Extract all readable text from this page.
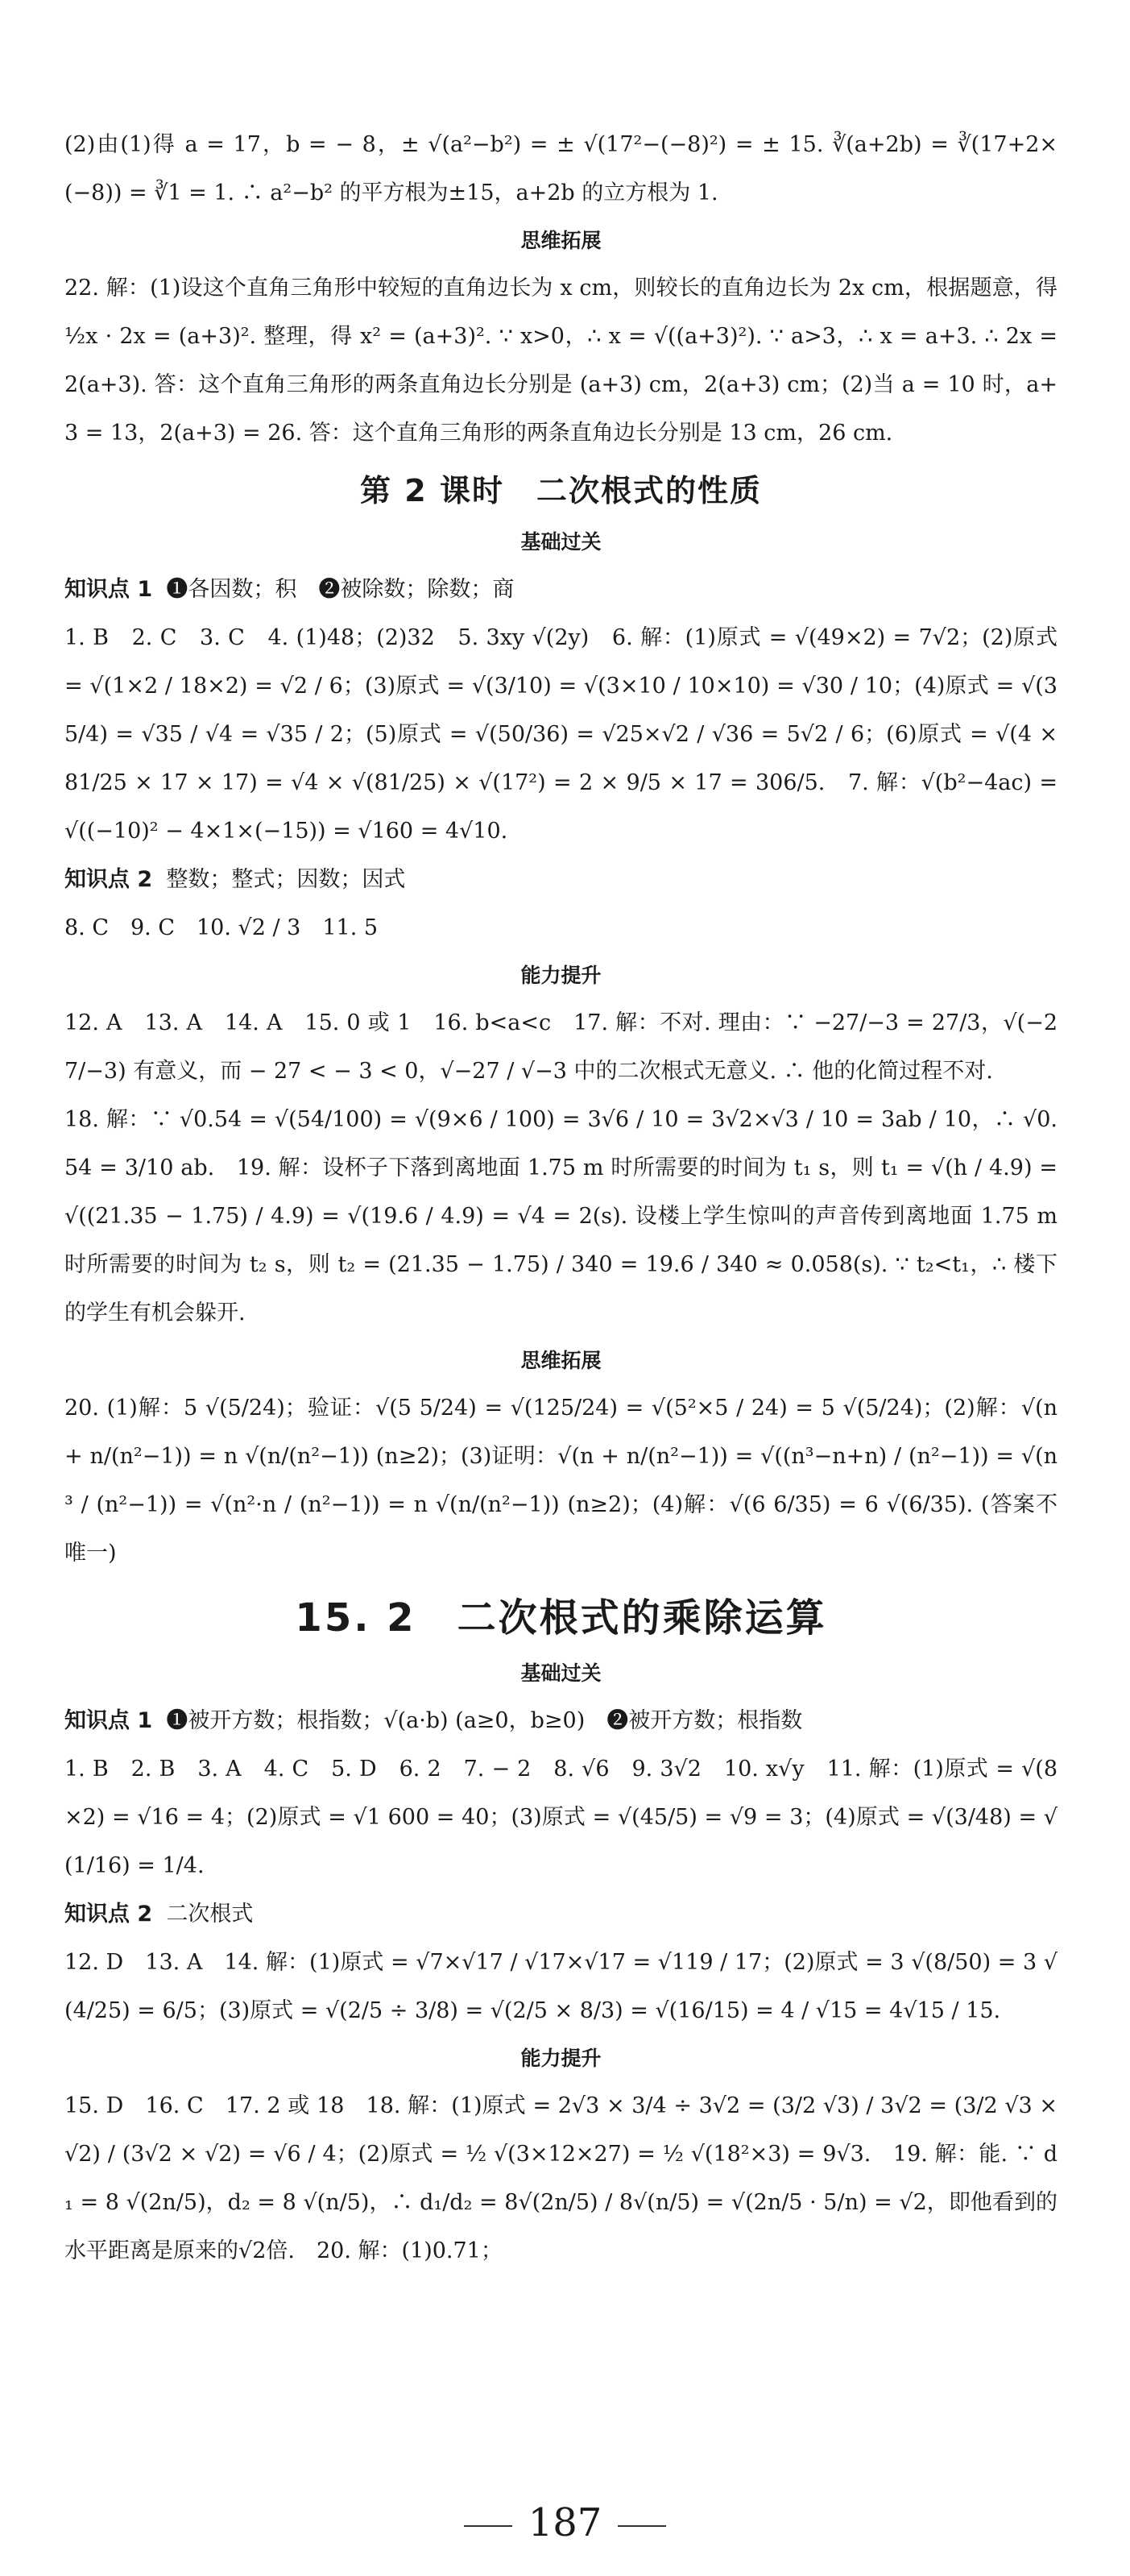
(2)由(1)得 a = 17，b = − 8，± √(a²−b²) = ± √(17²−(−8)²) = ± 15. ∛(a+2b) = ∛(17+2×(−8)) = ∛1 = 1. ∴ a²−b² 的平方根为±15，a+2b 的立方根为 1.

思维拓展

22. 解：(1)设这个直角三角形中较短的直角边长为 x cm，则较长的直角边长为 2x cm，根据题意，得 ½x · 2x = (a+3)². 整理，得 x² = (a+3)². ∵ x>0，∴ x = √((a+3)²). ∵ a>3，∴ x = a+3. ∴ 2x = 2(a+3). 答：这个直角三角形的两条直角边长分别是 (a+3) cm，2(a+3) cm；(2)当 a = 10 时，a+3 = 13，2(a+3) = 26. 答：这个直角三角形的两条直角边长分别是 13 cm，26 cm.

第 2 课时　二次根式的性质
基础过关

知识点 1 ❶各因数；积　❷被除数；除数；商

1. B　2. C　3. C　4. (1)48；(2)32　5. 3xy √(2y)　6. 解：(1)原式 = √(49×2) = 7√2；(2)原式 = √(1×2 / 18×2) = √2 / 6；(3)原式 = √(3/10) = √(3×10 / 10×10) = √30 / 10；(4)原式 = √(35/4) = √35 / √4 = √35 / 2；(5)原式 = √(50/36) = √25×√2 / √36 = 5√2 / 6；(6)原式 = √(4 × 81/25 × 17 × 17) = √4 × √(81/25) × √(17²) = 2 × 9/5 × 17 = 306/5.　7. 解：√(b²−4ac) = √((−10)² − 4×1×(−15)) = √160 = 4√10.

知识点 2 整数；整式；因数；因式

8. C　9. C　10. √2 / 3　11. 5

能力提升

12. A　13. A　14. A　15. 0 或 1　16. b<a<c　17. 解：不对. 理由：∵ −27/−3 = 27/3，√(−27/−3) 有意义，而 − 27 < − 3 < 0，√−27 / √−3 中的二次根式无意义. ∴ 他的化简过程不对.

18. 解：∵ √0.54 = √(54/100) = √(9×6 / 100) = 3√6 / 10 = 3√2×√3 / 10 = 3ab / 10，∴ √0.54 = 3/10 ab.　19. 解：设杯子下落到离地面 1.75 m 时所需要的时间为 t₁ s，则 t₁ = √(h / 4.9) = √((21.35 − 1.75) / 4.9) = √(19.6 / 4.9) = √4 = 2(s). 设楼上学生惊叫的声音传到离地面 1.75 m 时所需要的时间为 t₂ s，则 t₂ = (21.35 − 1.75) / 340 = 19.6 / 340 ≈ 0.058(s). ∵ t₂<t₁，∴ 楼下的学生有机会躲开.

思维拓展

20. (1)解：5 √(5/24)；验证：√(5 5/24) = √(125/24) = √(5²×5 / 24) = 5 √(5/24)；(2)解：√(n + n/(n²−1)) = n √(n/(n²−1)) (n≥2)；(3)证明：√(n + n/(n²−1)) = √((n³−n+n) / (n²−1)) = √(n³ / (n²−1)) = √(n²·n / (n²−1)) = n √(n/(n²−1)) (n≥2)；(4)解：√(6 6/35) = 6 √(6/35). (答案不唯一)

15. 2　二次根式的乘除运算
基础过关

知识点 1 ❶被开方数；根指数；√(a·b) (a≥0，b≥0)　❷被开方数；根指数

1. B　2. B　3. A　4. C　5. D　6. 2　7. − 2　8. √6　9. 3√2　10. x√y　11. 解：(1)原式 = √(8×2) = √16 = 4；(2)原式 = √1 600 = 40；(3)原式 = √(45/5) = √9 = 3；(4)原式 = √(3/48) = √(1/16) = 1/4.

知识点 2 二次根式

12. D　13. A　14. 解：(1)原式 = √7×√17 / √17×√17 = √119 / 17；(2)原式 = 3 √(8/50) = 3 √(4/25) = 6/5；(3)原式 = √(2/5 ÷ 3/8) = √(2/5 × 8/3) = √(16/15) = 4 / √15 = 4√15 / 15.

能力提升

15. D　16. C　17. 2 或 18　18. 解：(1)原式 = 2√3 × 3/4 ÷ 3√2 = (3/2 √3) / 3√2 = (3/2 √3 × √2) / (3√2 × √2) = √6 / 4；(2)原式 = ½ √(3×12×27) = ½ √(18²×3) = 9√3.　19. 解：能. ∵ d₁ = 8 √(2n/5)，d₂ = 8 √(n/5)，∴ d₁/d₂ = 8√(2n/5) / 8√(n/5) = √(2n/5 · 5/n) = √2，即他看到的水平距离是原来的√2倍.　20. 解：(1)0.71；

187
